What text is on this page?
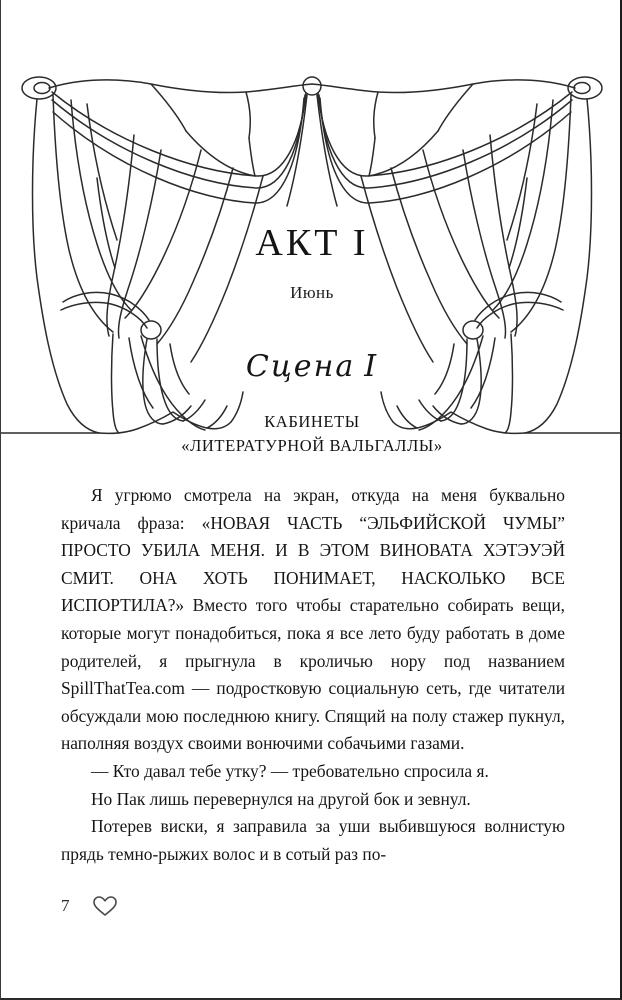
АКТ I

Июнь

Сцена I

КАБИНЕТЫ

«ЛИТЕРАТУРНОЙ ВАЛЬГАЛЛЫ»

Я угрюмо смотрела на экран, откуда на меня буквально кричала фраза: «НОВАЯ ЧАСТЬ “ЭЛЬФИЙСКОЙ ЧУМЫ” ПРОСТО УБИЛА МЕНЯ. И В ЭТОМ ВИНОВАТА ХЭТЭУЭЙ СМИТ. ОНА ХОТЬ ПОНИМАЕТ, НАСКОЛЬКО ВСЕ ИСПОРТИЛА?» Вместо того чтобы старательно собирать вещи, которые могут понадобиться, пока я все лето буду работать в доме родителей, я прыгнула в кроличью нору под названием SpillThatTea.com — подростковую социальную сеть, где читатели обсуждали мою последнюю книгу. Спящий на полу стажер пукнул, наполняя воздух своими вонючими собачьими газами.

— Кто давал тебе утку? — требовательно спросила я.

Но Пак лишь перевернулся на другой бок и зевнул.

Потерев виски, я заправила за уши выбившуюся волнистую прядь темно-рыжих волос и в сотый раз по-

7
